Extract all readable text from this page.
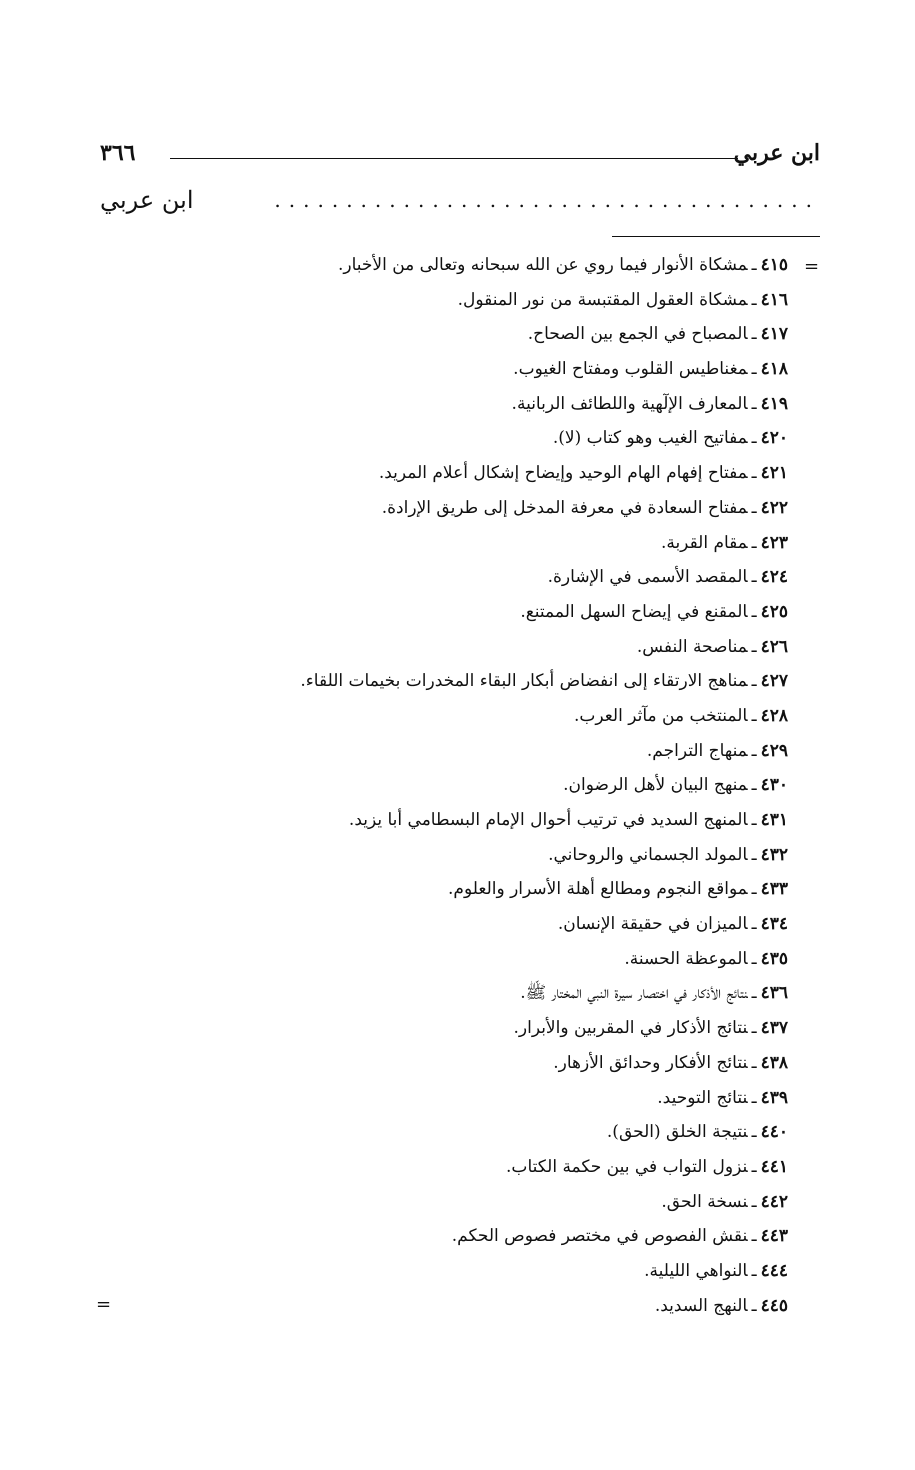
ابن عربي
٣٦٦
......................................
ابن عربي
=
٤١٥ـمشكاة الأنوار فيما روي عن الله سبحانه وتعالى من الأخبار.
٤١٦ـمشكاة العقول المقتبسة من نور المنقول.
٤١٧ـالمصباح في الجمع بين الصحاح.
٤١٨ـمغناطيس القلوب ومفتاح الغيوب.
٤١٩ـالمعارف الإلٓهية واللطائف الربانية.
٤٢٠ـمفاتيح الغيب وهو كتاب (لا).
٤٢١ـمفتاح إفهام الهام الوحيد وإيضاح إشكال أعلام المريد.
٤٢٢ـمفتاح السعادة في معرفة المدخل إلى طريق الإرادة.
٤٢٣ـمقام القربة.
٤٢٤ـالمقصد الأسمى في الإشارة.
٤٢٥ـالمقنع في إيضاح السهل الممتنع.
٤٢٦ـمناصحة النفس.
٤٢٧ـمناهج الارتقاء إلى انفضاض أبكار البقاء المخدرات بخيمات اللقاء.
٤٢٨ـالمنتخب من مآثر العرب.
٤٢٩ـمنهاج التراجم.
٤٣٠ـمنهج البيان لأهل الرضوان.
٤٣١ـالمنهج السديد في ترتيب أحوال الإمام البسطامي أبا يزيد.
٤٣٢ـالمولد الجسماني والروحاني.
٤٣٣ـمواقع النجوم ومطالع أهلة الأسرار والعلوم.
٤٣٤ـالميزان في حقيقة الإنسان.
٤٣٥ـالموعظة الحسنة.
٤٣٦ـنتائج الأذكار في اختصار سيرة النبي المختار ﷺ.
٤٣٧ـنتائج الأذكار في المقربين والأبرار.
٤٣٨ـنتائج الأفكار وحدائق الأزهار.
٤٣٩ـنتائج التوحيد.
٤٤٠ـنتيجة الخلق (الحق).
٤٤١ـنزول التواب في بين حكمة الكتاب.
٤٤٢ـنسخة الحق.
٤٤٣ـنقش الفصوص في مختصر فصوص الحكم.
٤٤٤ـالنواهي الليلية.
٤٤٥ـالنهج السديد.
=
